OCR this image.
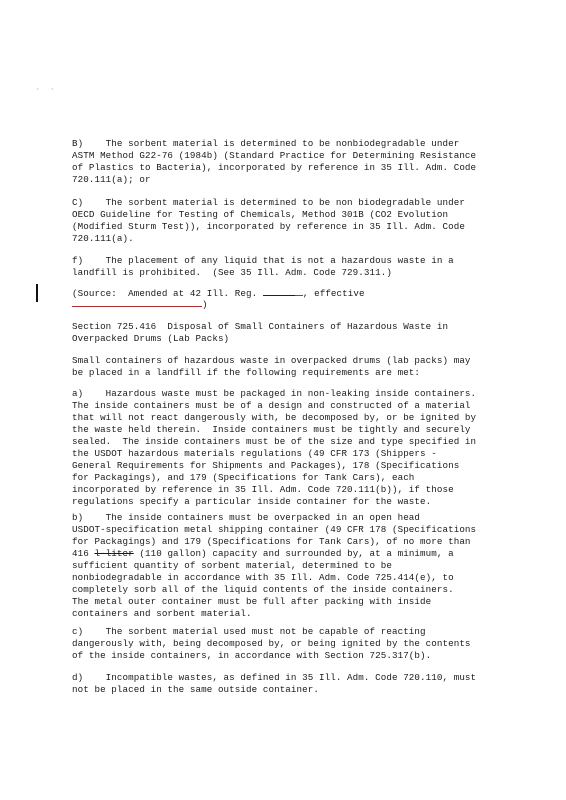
·   ·
B)    The sorbent material is determined to be nonbiodegradable under
ASTM Method G22-76 (1984b) (Standard Practice for Determining Resistance
of Plastics to Bacteria), incorporated by reference in 35 Ill. Adm. Code
720.111(a); or
C)    The sorbent material is determined to be non biodegradable under
OECD Guideline for Testing of Chemicals, Method 301B (CO2 Evolution
(Modified Sturm Test)), incorporated by reference in 35 Ill. Adm. Code
720.111(a).
f)    The placement of any liquid that is not a hazardous waste in a
landfill is prohibited.  (See 35 Ill. Adm. Code 729.311.)
(Source:  Amended at 42 Ill. Reg.	, effective
)
Section 725.416  Disposal of Small Containers of Hazardous Waste in
Overpacked Drums (Lab Packs)
Small containers of hazardous waste in overpacked drums (lab packs) may
be placed in a landfill if the following requirements are met:
a)    Hazardous waste must be packaged in non-leaking inside containers.
The inside containers must be of a design and constructed of a material
that will not react dangerously with, be decomposed by, or be ignited by
the waste held therein.  Inside containers must be tightly and securely
sealed.  The inside containers must be of the size and type specified in
the USDOT hazardous materials regulations (49 CFR 173 (Shippers -
General Requirements for Shipments and Packages), 178 (Specifications
for Packagings), and 179 (Specifications for Tank Cars), each
incorporated by reference in 35 Ill. Adm. Code 720.111(b)), if those
regulations specify a particular inside container for the waste.
b)    The inside containers must be overpacked in an open head
USDOT-specification metal shipping container (49 CFR 178 (Specifications
for Packagings) and 179 (Specifications for Tank Cars), of no more than
416 l-liter (110 gallon) capacity and surrounded by, at a minimum, a
sufficient quantity of sorbent material, determined to be
nonbiodegradable in accordance with 35 Ill. Adm. Code 725.414(e), to
completely sorb all of the liquid contents of the inside containers.
The metal outer container must be full after packing with inside
containers and sorbent material.
c)    The sorbent material used must not be capable of reacting
dangerously with, being decomposed by, or being ignited by the contents
of the inside containers, in accordance with Section 725.317(b).
d)    Incompatible wastes, as defined in 35 Ill. Adm. Code 720.110, must
not be placed in the same outside container.
